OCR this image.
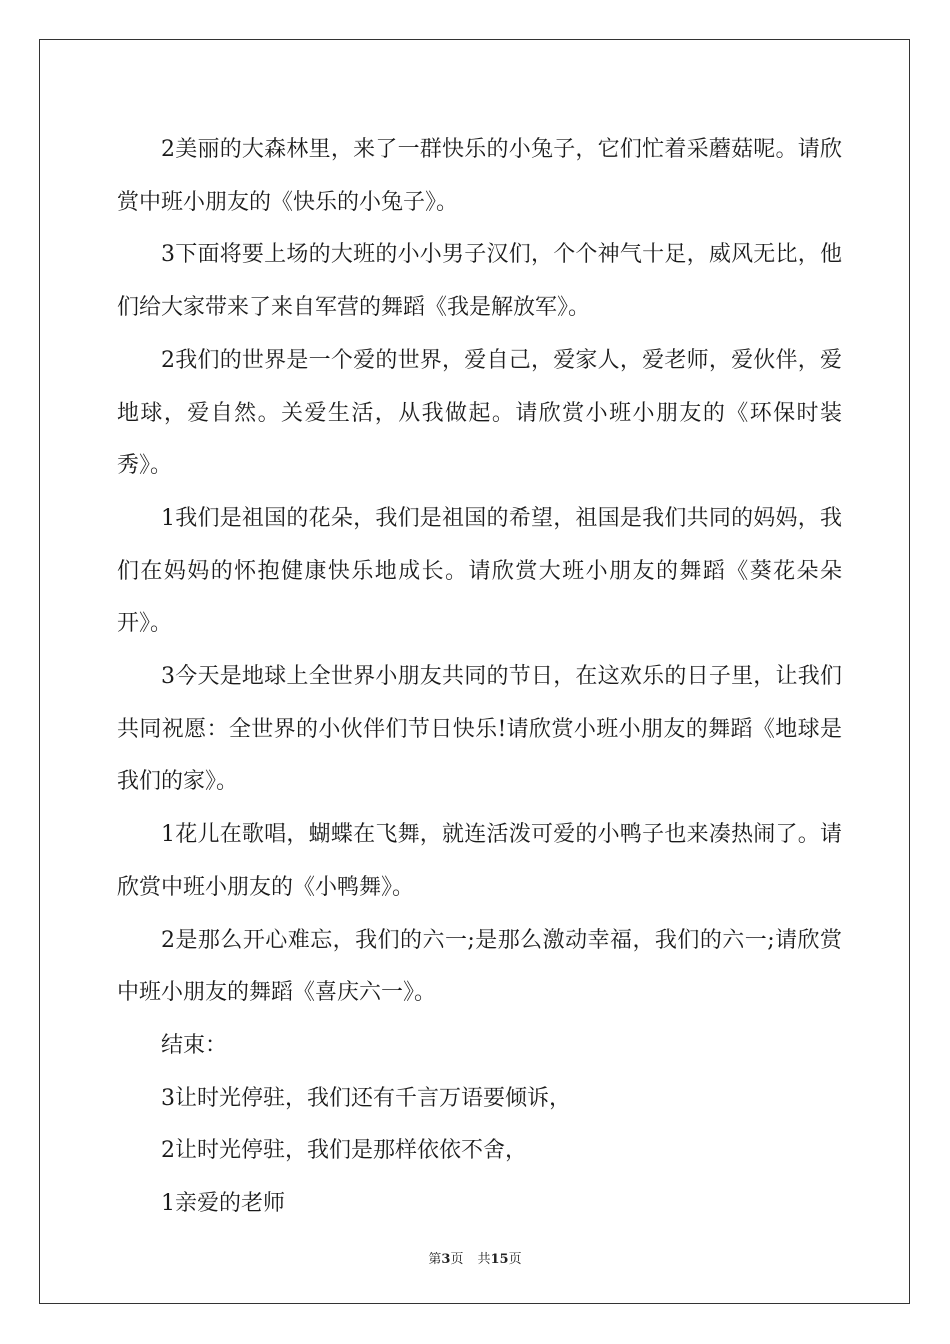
2美丽的大森林里，来了一群快乐的小兔子，它们忙着采蘑菇呢。请欣赏中班小朋友的《快乐的小兔子》。

3下面将要上场的大班的小小男子汉们，个个神气十足，威风无比，他们给大家带来了来自军营的舞蹈《我是解放军》。

2我们的世界是一个爱的世界，爱自己，爱家人，爱老师，爱伙伴，爱地球，爱自然。关爱生活，从我做起。请欣赏小班小朋友的《环保时装秀》。

1我们是祖国的花朵，我们是祖国的希望，祖国是我们共同的妈妈，我们在妈妈的怀抱健康快乐地成长。请欣赏大班小朋友的舞蹈《葵花朵朵开》。

3今天是地球上全世界小朋友共同的节日，在这欢乐的日子里，让我们共同祝愿：全世界的小伙伴们节日快乐!请欣赏小班小朋友的舞蹈《地球是我们的家》。

1花儿在歌唱，蝴蝶在飞舞，就连活泼可爱的小鸭子也来凑热闹了。请欣赏中班小朋友的《小鸭舞》。

2是那么开心难忘，我们的六一;是那么激动幸福，我们的六一;请欣赏中班小朋友的舞蹈《喜庆六一》。

结束：

3让时光停驻，我们还有千言万语要倾诉，

2让时光停驻，我们是那样依依不舍，

1亲爱的老师

第3页 共15页
